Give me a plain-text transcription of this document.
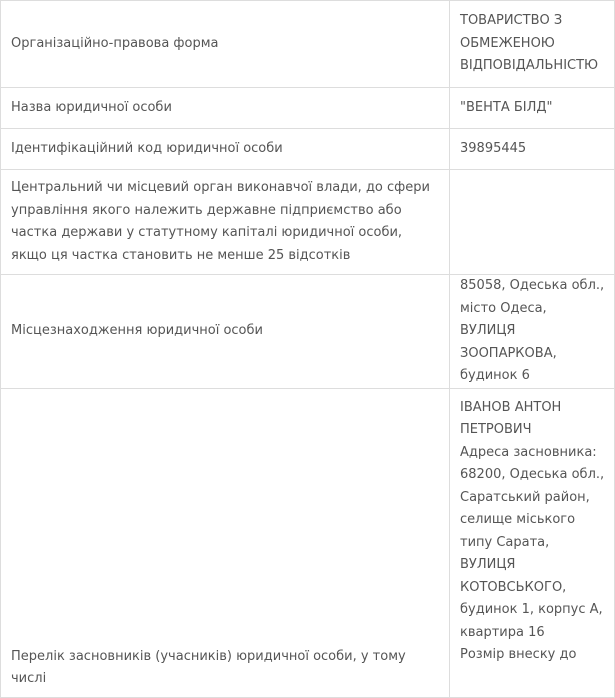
Організаційно-правова форма	ТОВАРИСТВО З ОБМЕЖЕНОЮ ВІДПОВІДАЛЬНІСТЮ
Назва юридичної особи	"ВЕНТА БІЛД"
Ідентифікаційний код юридичної особи	39895445
Центральний чи місцевий орган виконавчої влади, до сфери управління якого належить державне підприємство або частка держави у статутному капіталі юридичної особи, якщо ця частка становить не менше 25 відсотків	
Місцезнаходження юридичної особи	85058, Одеська обл., місто Одеса, ВУЛИЦЯ ЗООПАРКОВА, будинок 6
Перелік засновників (учасників) юридичної особи, у тому числі	ІВАНОВ АНТОН ПЕТРОВИЧ
Адреса засновника: 68200, Одеська обл., Саратський район, селище міського типу Сарата, ВУЛИЦЯ КОТОВСЬКОГО, будинок 1, корпус А, квартира 16
Розмір внеску до
